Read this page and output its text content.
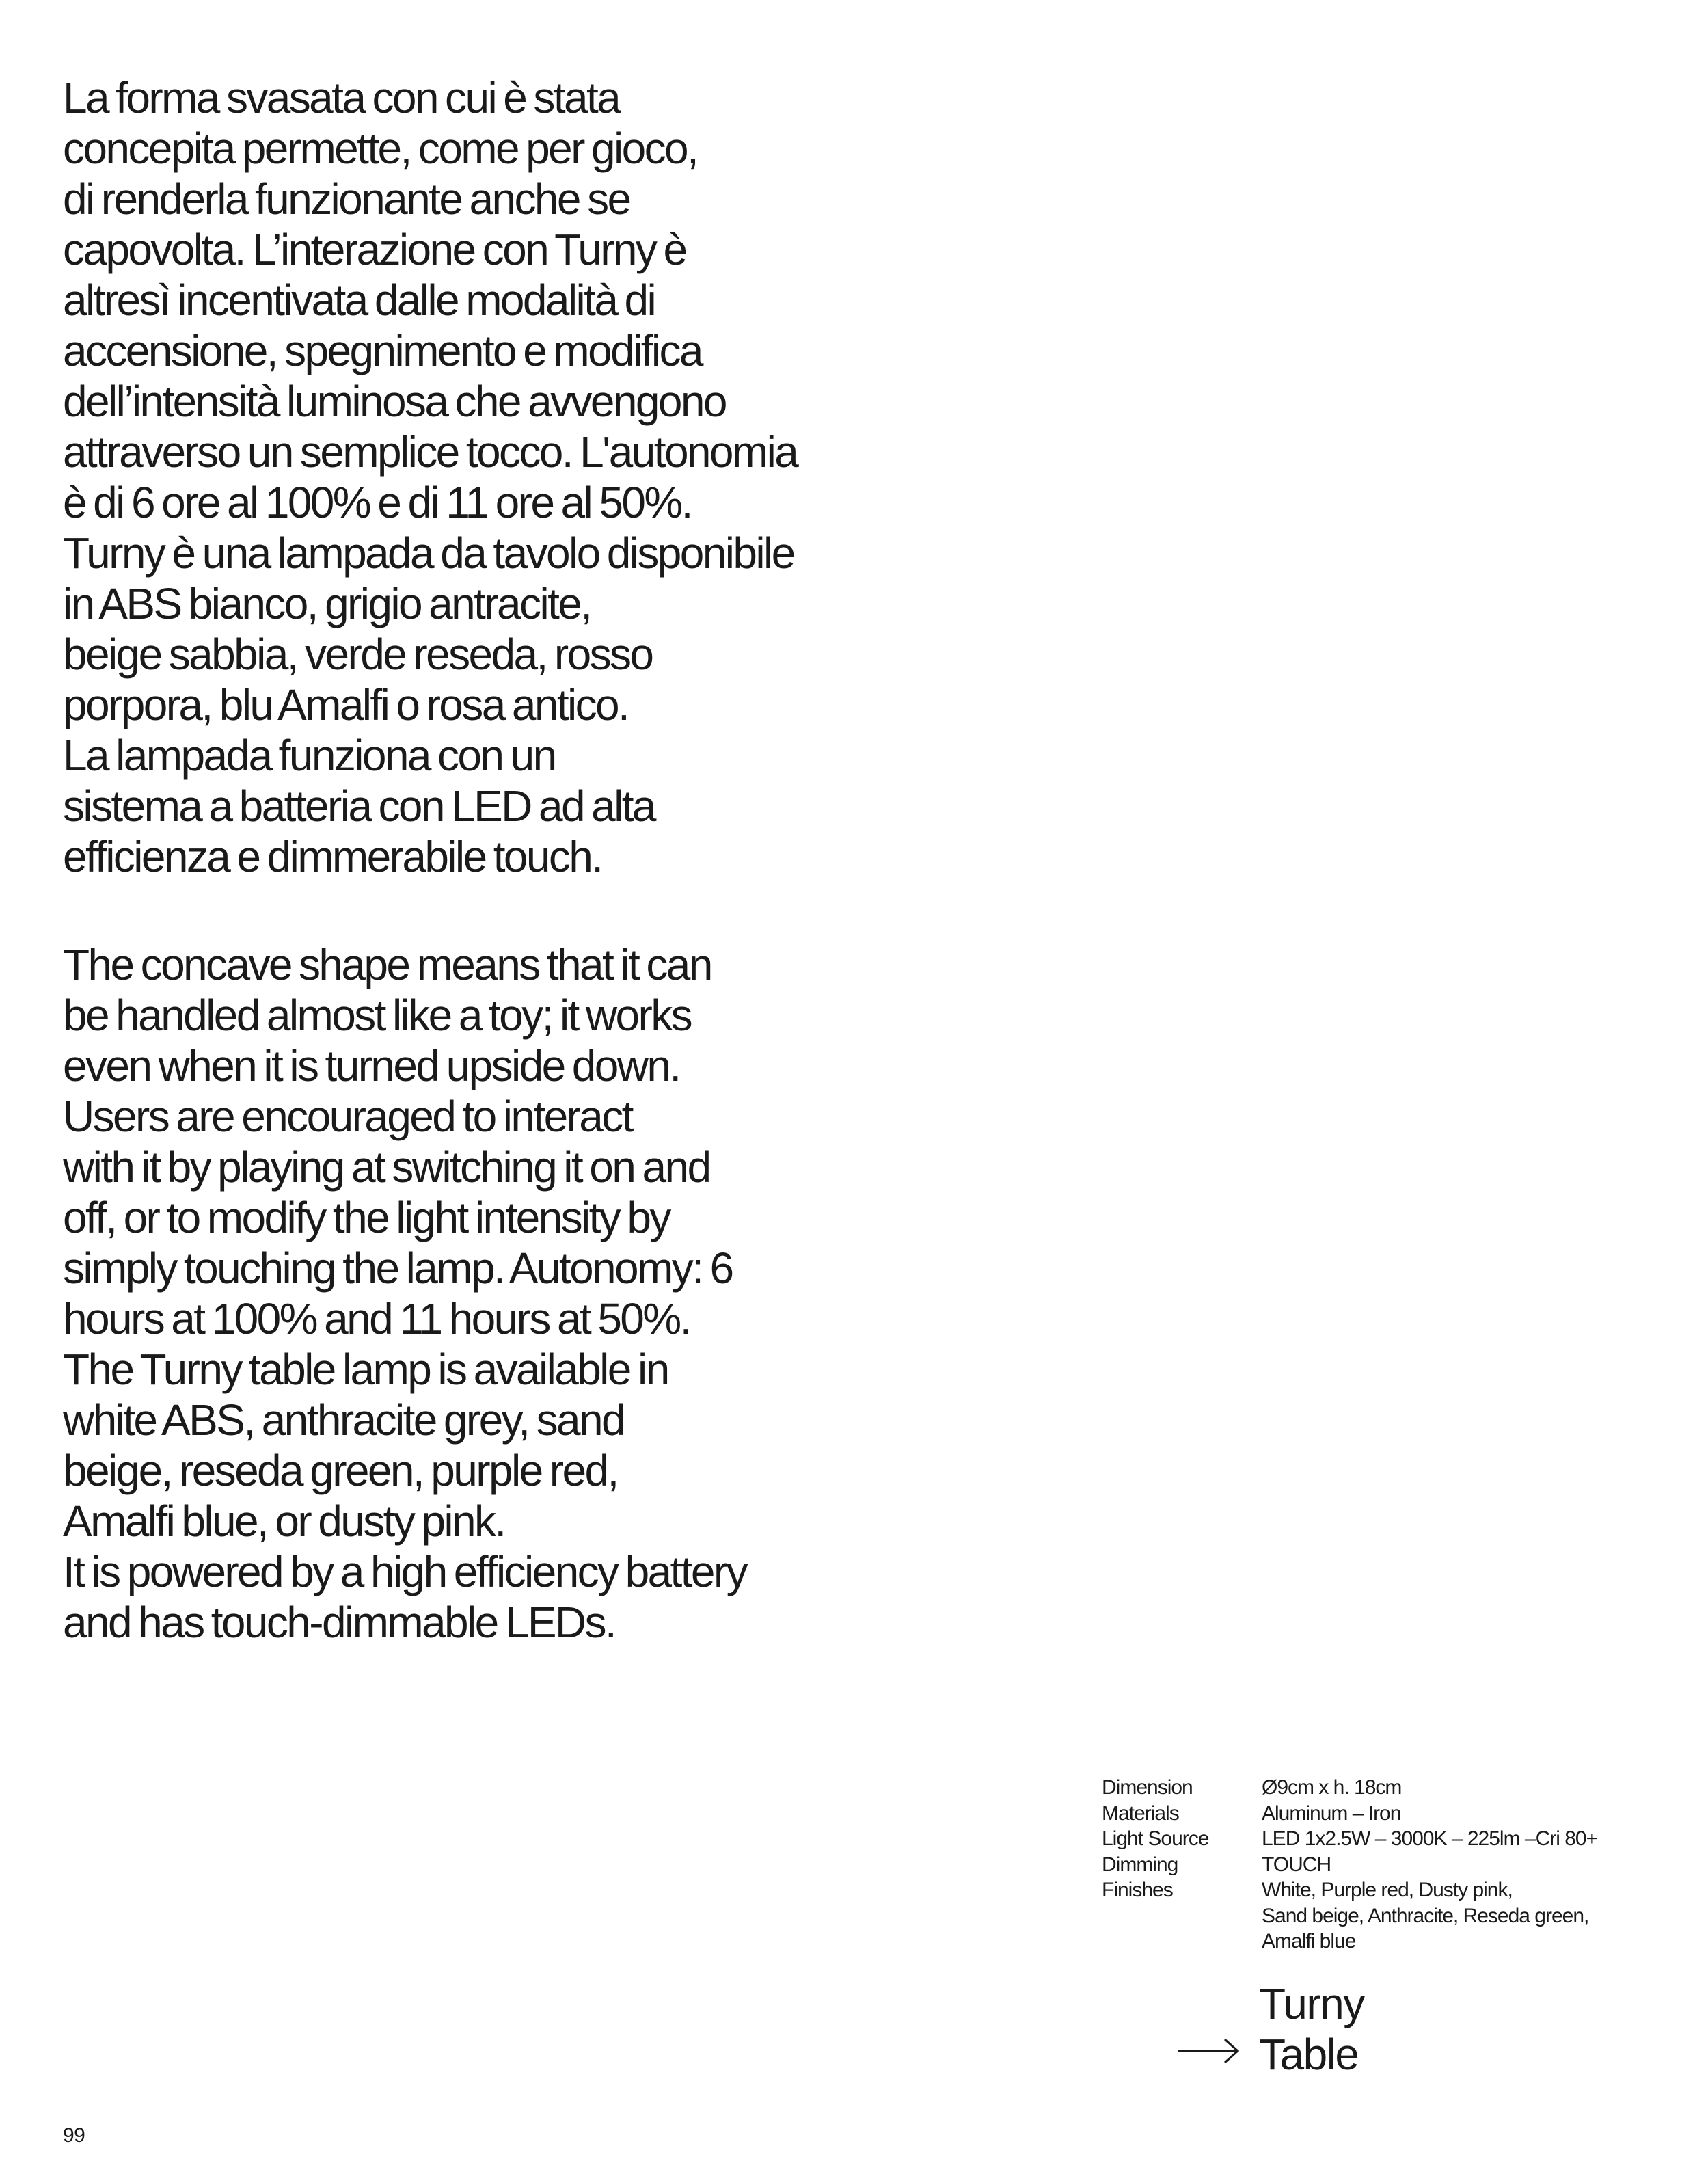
La forma svasata con cui è stata
concepita permette, come per gioco,
di renderla funzionante anche se
capovolta. L’interazione con Turny è
altresì incentivata dalle modalità di
accensione, spegnimento e modifica
dell’intensità luminosa che avvengono
attraverso un semplice tocco. L'autonomia
è di 6 ore al 100% e di 11 ore al 50%.
Turny è una lampada da tavolo disponibile
in ABS bianco, grigio antracite,
beige sabbia, verde reseda, rosso
porpora, blu Amalfi o rosa antico.
La lampada funziona con un
sistema a batteria con LED ad alta
efficienza e dimmerabile touch.
The concave shape means that it can
be handled almost like a toy; it works
even when it is turned upside down.
Users are encouraged to interact
with it by playing at switching it on and
off, or to modify the light intensity by
simply touching the lamp. Autonomy: 6
hours at 100% and 11 hours at 50%.
The Turny table lamp is available in
white ABS, anthracite grey, sand
beige, reseda green, purple red,
Amalfi blue, or dusty pink.
It is powered by a high efficiency battery
and has touch-dimmable LEDs.
Dimension	Ø9cm x h. 18cm
Materials	Aluminum – Iron
Light Source	LED 1x2.5W – 3000K – 225lm –Cri 80+
Dimming	TOUCH
Finishes	White, Purple red, Dusty pink,
Sand beige, Anthracite, Reseda green,
Amalfi blue
Turny
Table
99
